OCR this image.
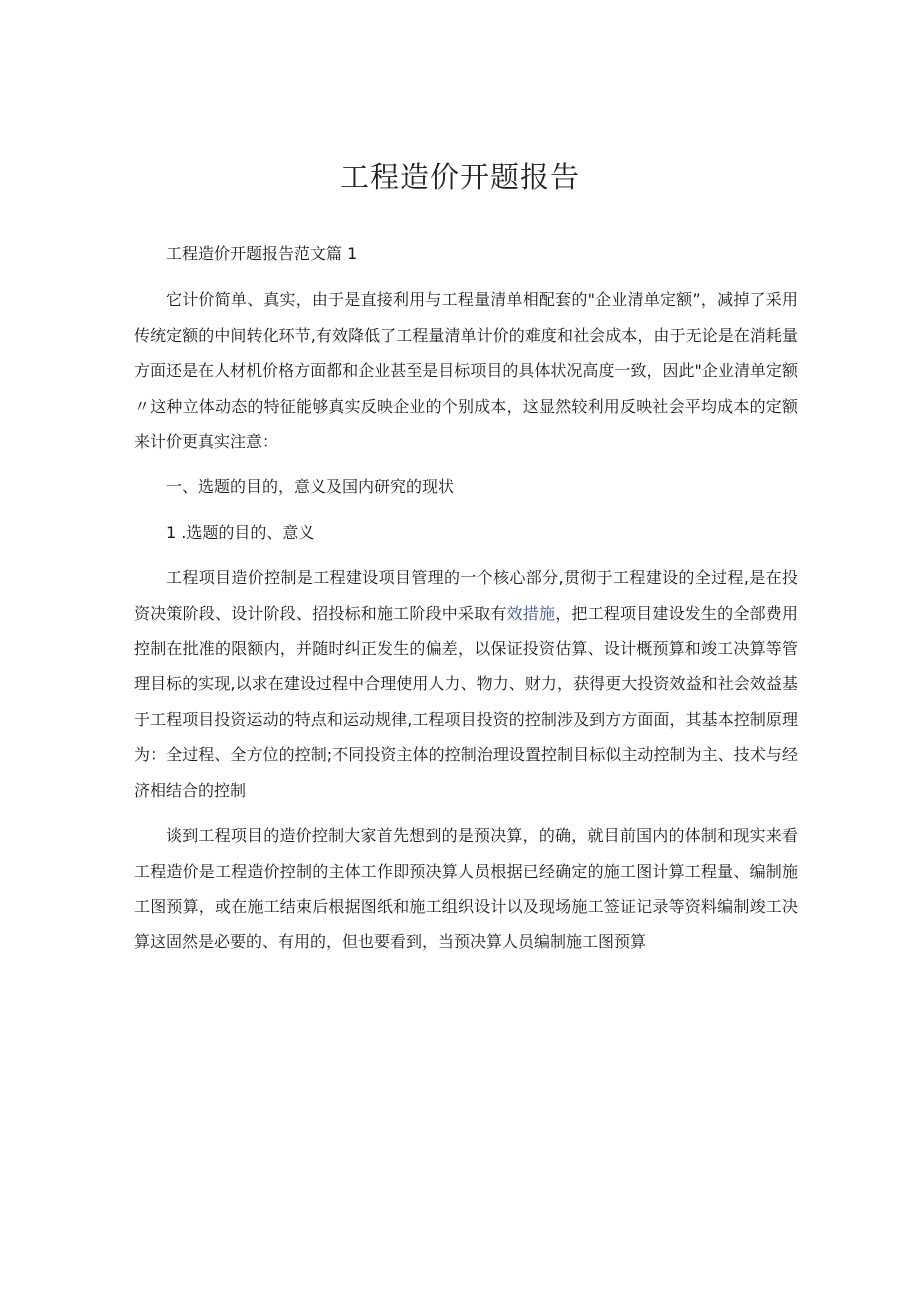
工程造价开题报告

工程造价开题报告范文篇 1

它计价简单、真实，由于是直接利用与工程量清单相配套的"企业清单定额”，减掉了采用传统定额的中间转化环节,有效降低了工程量清单计价的难度和社会成本，由于无论是在消耗量方面还是在人材机价格方面都和企业甚至是目标项目的具体状况高度一致，因此"企业清单定额〃这种立体动态的特征能够真实反映企业的个别成本，这显然较利用反映社会平均成本的定额来计价更真实注意：

一、选题的目的，意义及国内研究的现状

1 .选题的目的、意义

工程项目造价控制是工程建设项目管理的一个核心部分,贯彻于工程建设的全过程,是在投资决策阶段、设计阶段、招投标和施工阶段中采取有效措施，把工程项目建设发生的全部费用控制在批准的限额内，并随时纠正发生的偏差，以保证投资估算、设计概预算和竣工决算等管理目标的实现,以求在建设过程中合理使用人力、物力、财力，获得更大投资效益和社会效益基于工程项目投资运动的特点和运动规律,工程项目投资的控制涉及到方方面面，其基本控制原理为：全过程、全方位的控制;不同投资主体的控制治理设置控制目标似主动控制为主、技术与经济相结合的控制

谈到工程项目的造价控制大家首先想到的是预决算，的确，就目前国内的体制和现实来看工程造价是工程造价控制的主体工作即预决算人员根据已经确定的施工图计算工程量、编制施工图预算，或在施工结束后根据图纸和施工组织设计以及现场施工签证记录等资料编制竣工决算这固然是必要的、有用的，但也要看到，当预决算人员编制施工图预算
